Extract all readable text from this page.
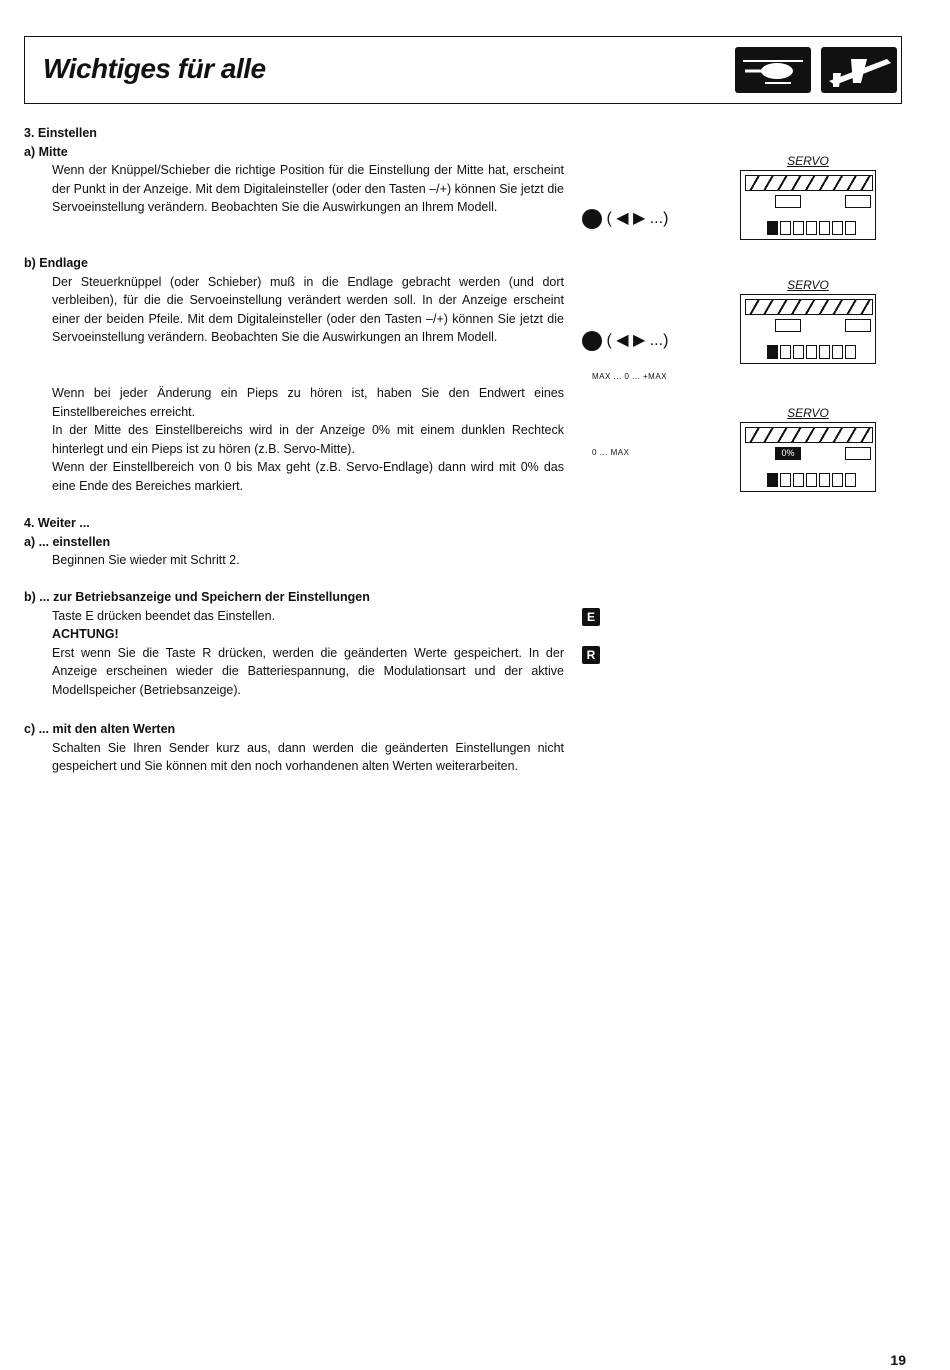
Wichtiges für alle
3. Einstellen
a) Mitte
Wenn der Knüppel/Schieber die richtige Position für die Einstellung der Mitte hat, erscheint der Punkt in der Anzeige. Mit dem Digitaleinsteller (oder den Tasten –/+) können Sie jetzt die Servoeinstellung verändern. Beobachten Sie die Auswirkungen an Ihrem Modell.
b) Endlage
Der Steuerknüppel (oder Schieber) muß in die Endlage gebracht werden (und dort verbleiben), für die die Servoeinstellung verändert werden soll. In der Anzeige erscheint einer der beiden Pfeile. Mit dem Digitaleinsteller (oder den Tasten –/+) können Sie jetzt die Servoeinstellung verändern. Beobachten Sie die Auswirkungen an Ihrem Modell.
Wenn bei jeder Änderung ein Pieps zu hören ist, haben Sie den Endwert eines Einstellbereiches erreicht.
In der Mitte des Einstellbereichs wird in der Anzeige 0% mit einem dunklen Rechteck hinterlegt und ein Pieps ist zu hören (z.B. Servo-Mitte).
Wenn der Einstellbereich von 0 bis Max geht (z.B. Servo-Endlage) dann wird mit 0% das eine Ende des Bereiches markiert.
4. Weiter ...
a) ... einstellen
Beginnen Sie wieder mit Schritt 2.
b) ... zur Betriebsanzeige und Speichern der Einstellungen
Taste E drücken beendet das Einstellen.
ACHTUNG!
Erst wenn Sie die Taste R drücken, werden die geänderten Werte gespeichert. In der Anzeige erscheinen wieder die Batteriespannung, die Modulationsart und der aktive Modellspeicher (Betriebsanzeige).
c) ... mit den alten Werten
Schalten Sie Ihren Sender kurz aus, dann werden die geänderten Einstellungen nicht gespeichert und Sie können mit den noch vorhandenen alten Werten weiterarbeiten.
( ◀ ▶ ...)
( ◀ ▶ ...)
MAX ... 0 ... +MAX
0 ... MAX
E
R
SERVO
SERVO
SERVO
0%
19
